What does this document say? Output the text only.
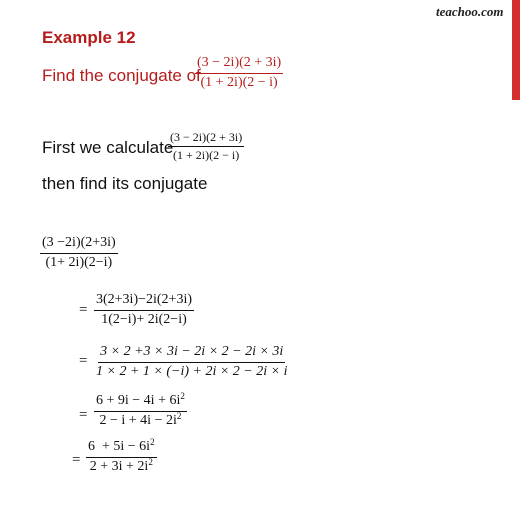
teachoo.com
Example 12
Find the conjugate of
$\frac{(3 - 2i)(2 + 3i)}{(1 + 2i)(2 - i)}$
First we calculate
$\frac{(3 - 2i)(2 + 3i)}{(1 + 2i)(2 - i)}$
then find its conjugate
$\frac{(3 -2i)(2+3i)}{(1+ 2i)(2-i)}$
= $\frac{3(2+3i)-2i(2+3i)}{1(2-i)+ 2i(2-i)}$
= $\frac{3 \times 2 +3 \times 3i - 2i \times 2 - 2i \times 3i}{1 \times 2 + 1 \times (-i) + 2i \times 2 - 2i \times i}$
= $\frac{6 + 9i - 4i + 6i^2}{2 - i + 4i - 2i^2}$
= $\frac{6 + 5i - 6i^2}{2 + 3i + 2i^2}$
